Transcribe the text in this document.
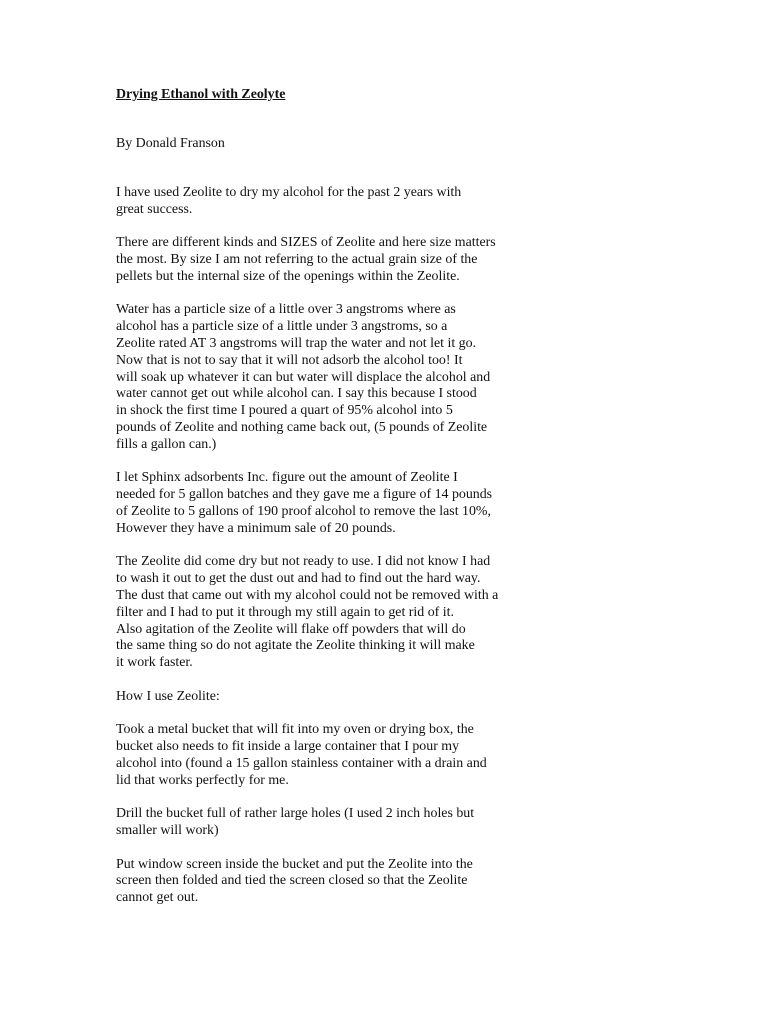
Drying Ethanol with Zeolyte

By Donald Franson

I have used Zeolite to dry my alcohol for the past 2 years with
great success.

There are different kinds and SIZES of Zeolite and here size matters
the most. By size I am not referring to the actual grain size of the
pellets but the internal size of the openings within the Zeolite.

Water has a particle size of a little over 3 angstroms where as
alcohol has a particle size of a little under 3 angstroms, so a
Zeolite rated AT 3 angstroms will trap the water and not let it go.
Now that is not to say that it will not adsorb the alcohol too! It
will soak up whatever it can but water will displace the alcohol and
water cannot get out while alcohol can. I say this because I stood
in shock the first time I poured a quart of 95% alcohol into 5
pounds of Zeolite and nothing came back out, (5 pounds of Zeolite
fills a gallon can.)

I let Sphinx adsorbents Inc. figure out the amount of Zeolite I
needed for 5 gallon batches and they gave me a figure of 14 pounds
of Zeolite to 5 gallons of 190 proof alcohol to remove the last 10%,
However they have a minimum sale of 20 pounds.

The Zeolite did come dry but not ready to use. I did not know I had
to wash it out to get the dust out and had to find out the hard way.
The dust that came out with my alcohol could not be removed with a
filter and I had to put it through my still again to get rid of it.
Also agitation of the Zeolite will flake off powders that will do
the same thing so do not agitate the Zeolite thinking it will make
it work faster.

How I use Zeolite:

Took a metal bucket that will fit into my oven or drying box, the
bucket also needs to fit inside a large container that I pour my
alcohol into (found a 15 gallon stainless container with a drain and
lid that works perfectly for me.

Drill the bucket full of rather large holes (I used 2 inch holes but
smaller will work)

Put window screen inside the bucket and put the Zeolite into the
screen then folded and tied the screen closed so that the Zeolite
cannot get out.
